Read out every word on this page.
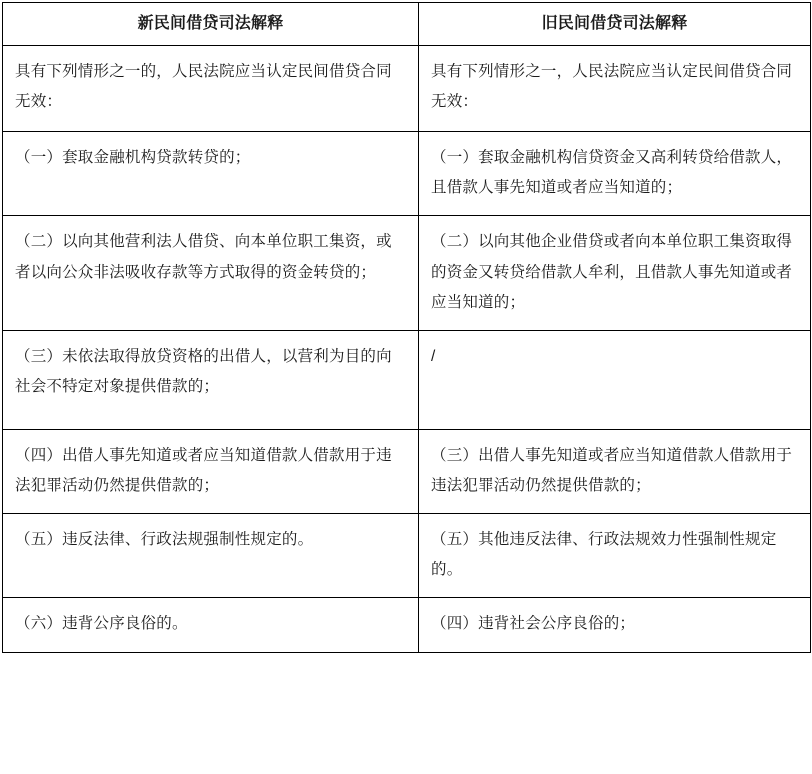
新民间借贷司法解释	旧民间借贷司法解释

具有下列情形之一的，人民法院应当认定民间借贷合同无效：	具有下列情形之一，人民法院应当认定民间借贷合同无效：

（一）套取金融机构贷款转贷的；	（一）套取金融机构信贷资金又高利转贷给借款人，且借款人事先知道或者应当知道的；

（二）以向其他营利法人借贷、向本单位职工集资，或者以向公众非法吸收存款等方式取得的资金转贷的；	（二）以向其他企业借贷或者向本单位职工集资取得的资金又转贷给借款人牟利，且借款人事先知道或者应当知道的；

（三）未依法取得放贷资格的出借人，以营利为目的向社会不特定对象提供借款的；	/

（四）出借人事先知道或者应当知道借款人借款用于违法犯罪活动仍然提供借款的；	（三）出借人事先知道或者应当知道借款人借款用于违法犯罪活动仍然提供借款的；

（五）违反法律、行政法规强制性规定的。	（五）其他违反法律、行政法规效力性强制性规定的。

（六）违背公序良俗的。	（四）违背社会公序良俗的；
